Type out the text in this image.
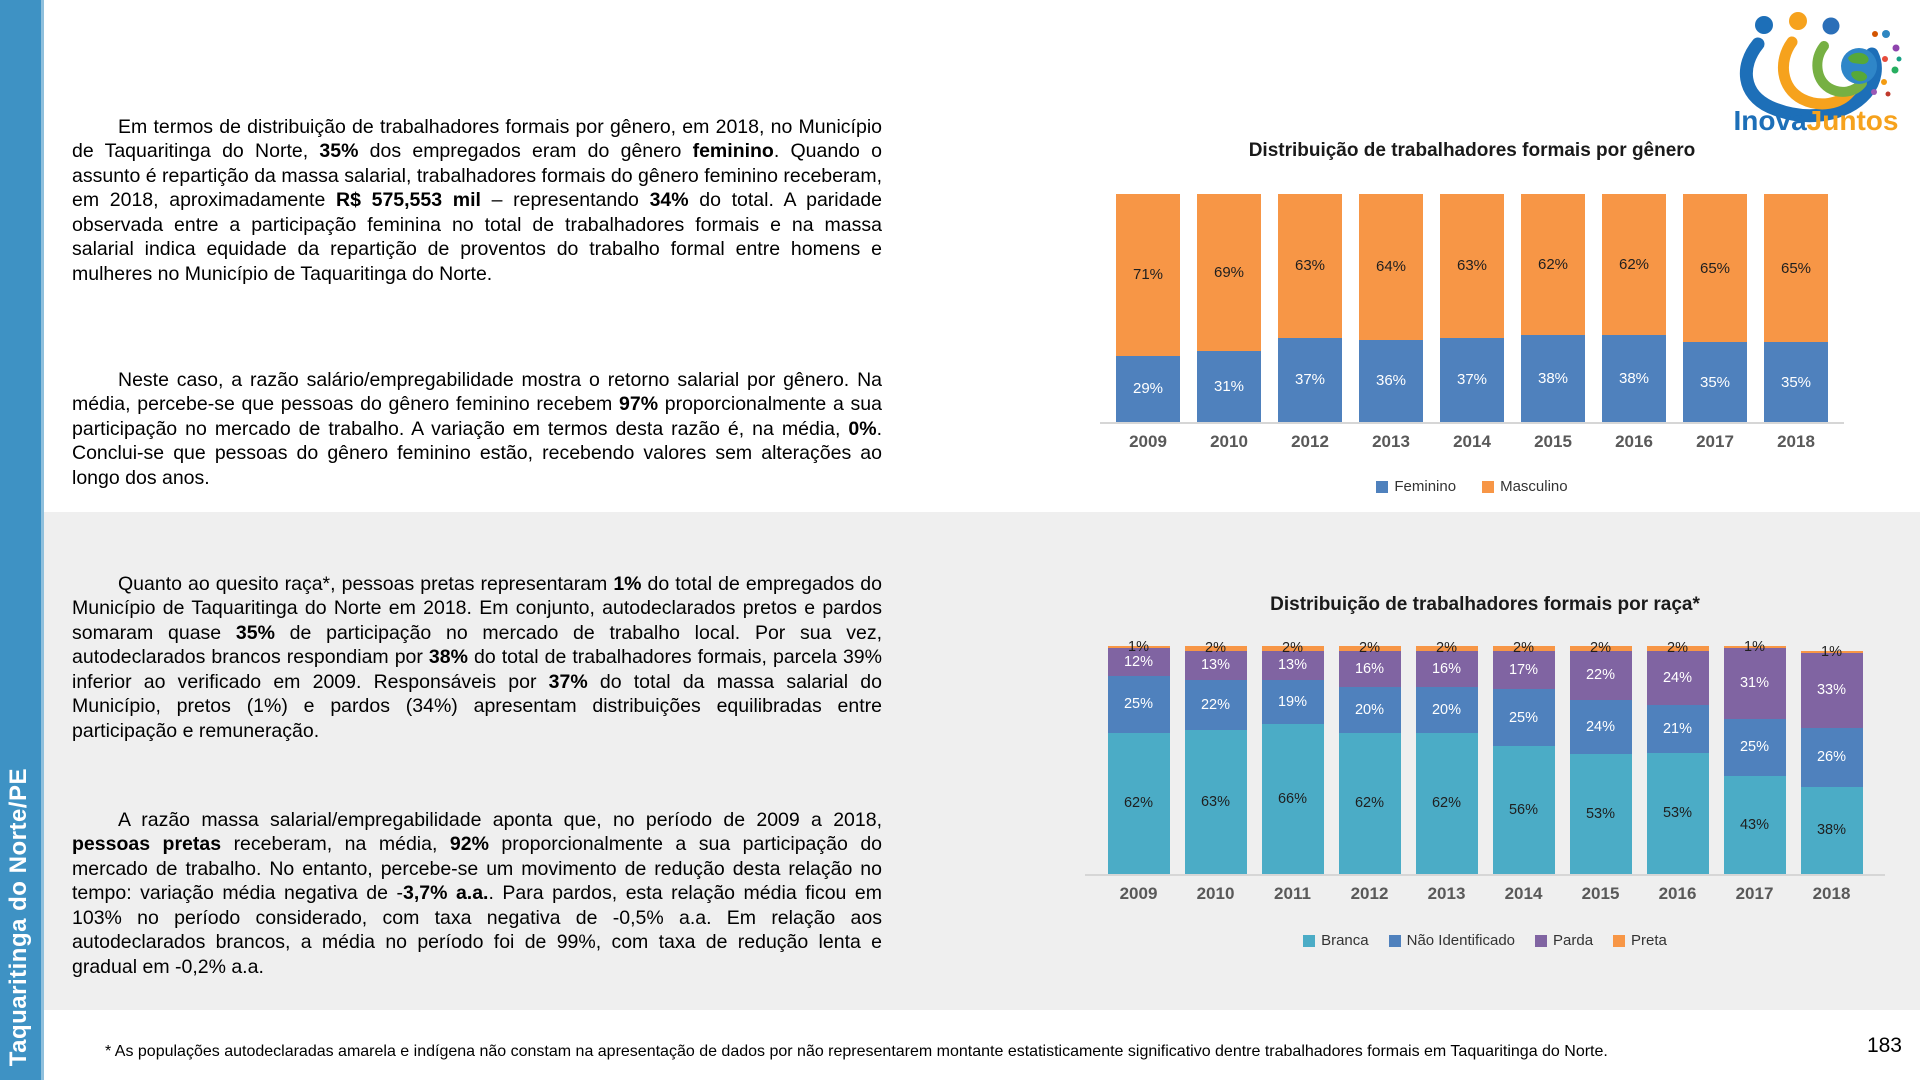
Taquaritinga do Norte/PE

Em termos de distribuição de trabalhadores formais por gênero, em 2018, no Município de Taquaritinga do Norte, 35% dos empregados eram do gênero feminino. Quando o assunto é repartição da massa salarial, trabalhadores formais do gênero feminino receberam, em 2018, aproximadamente R$ 575,553 mil – representando 34% do total. A paridade observada entre a participação feminina no total de trabalhadores formais e na massa salarial indica equidade da repartição de proventos do trabalho formal entre homens e mulheres no Município de Taquaritinga do Norte.

Neste caso, a razão salário/empregabilidade mostra o retorno salarial por gênero. Na média, percebe-se que pessoas do gênero feminino recebem 97% proporcionalmente a sua participação no mercado de trabalho. A variação em termos desta razão é, na média, 0%. Conclui-se que pessoas do gênero feminino estão, recebendo valores sem alterações ao longo dos anos.

Quanto ao quesito raça*, pessoas pretas representaram 1% do total de empregados do Município de Taquaritinga do Norte em 2018. Em conjunto, autodeclarados pretos e pardos somaram quase 35% de participação no mercado de trabalho local. Por sua vez, autodeclarados brancos respondiam por 38% do total de trabalhadores formais, parcela 39% inferior ao verificado em 2009. Responsáveis por 37% do total da massa salarial do Município, pretos (1%) e pardos (34%) apresentam distribuições equilibradas entre participação e remuneração.

A razão massa salarial/empregabilidade aponta que, no período de 2009 a 2018, pessoas pretas receberam, na média, 92% proporcionalmente a sua participação do mercado de trabalho. No entanto, percebe-se um movimento de redução desta relação no tempo: variação média negativa de -3,7% a.a.. Para pardos, esta relação média ficou em 103% no período considerado, com taxa negativa de -0,5% a.a. Em relação aos autodeclarados brancos, a média no período foi de 99%, com taxa de redução lenta e gradual em -0,2% a.a.

Distribuição de trabalhadores formais por gênero
29%
71%
31%
69%
37%
63%
36%
64%
37%
63%
38%
62%
38%
62%
35%
65%
35%
65%
2009	2010	2012	2013	2014	2015	2016	2017	2018
Feminino	Masculino
Distribuição de trabalhadores formais por raça*
62%
25%
12%
1%
63%
22%
13%
2%
66%
19%
13%
2%
62%
20%
16%
2%
62%
20%
16%
2%
56%
25%
17%
2%
53%
24%
22%
2%
53%
21%
24%
2%
43%
25%
31%
1%
38%
26%
33%
1%
2009	2010	2011	2012	2013	2014	2015	2016	2017	2018
Branca	Não Identificado	Parda	Preta
* As populações autodeclaradas amarela e indígena não constam na apresentação de dados por não representarem montante estatisticamente significativo dentre trabalhadores formais em Taquaritinga do Norte.	183
InovaJuntos
